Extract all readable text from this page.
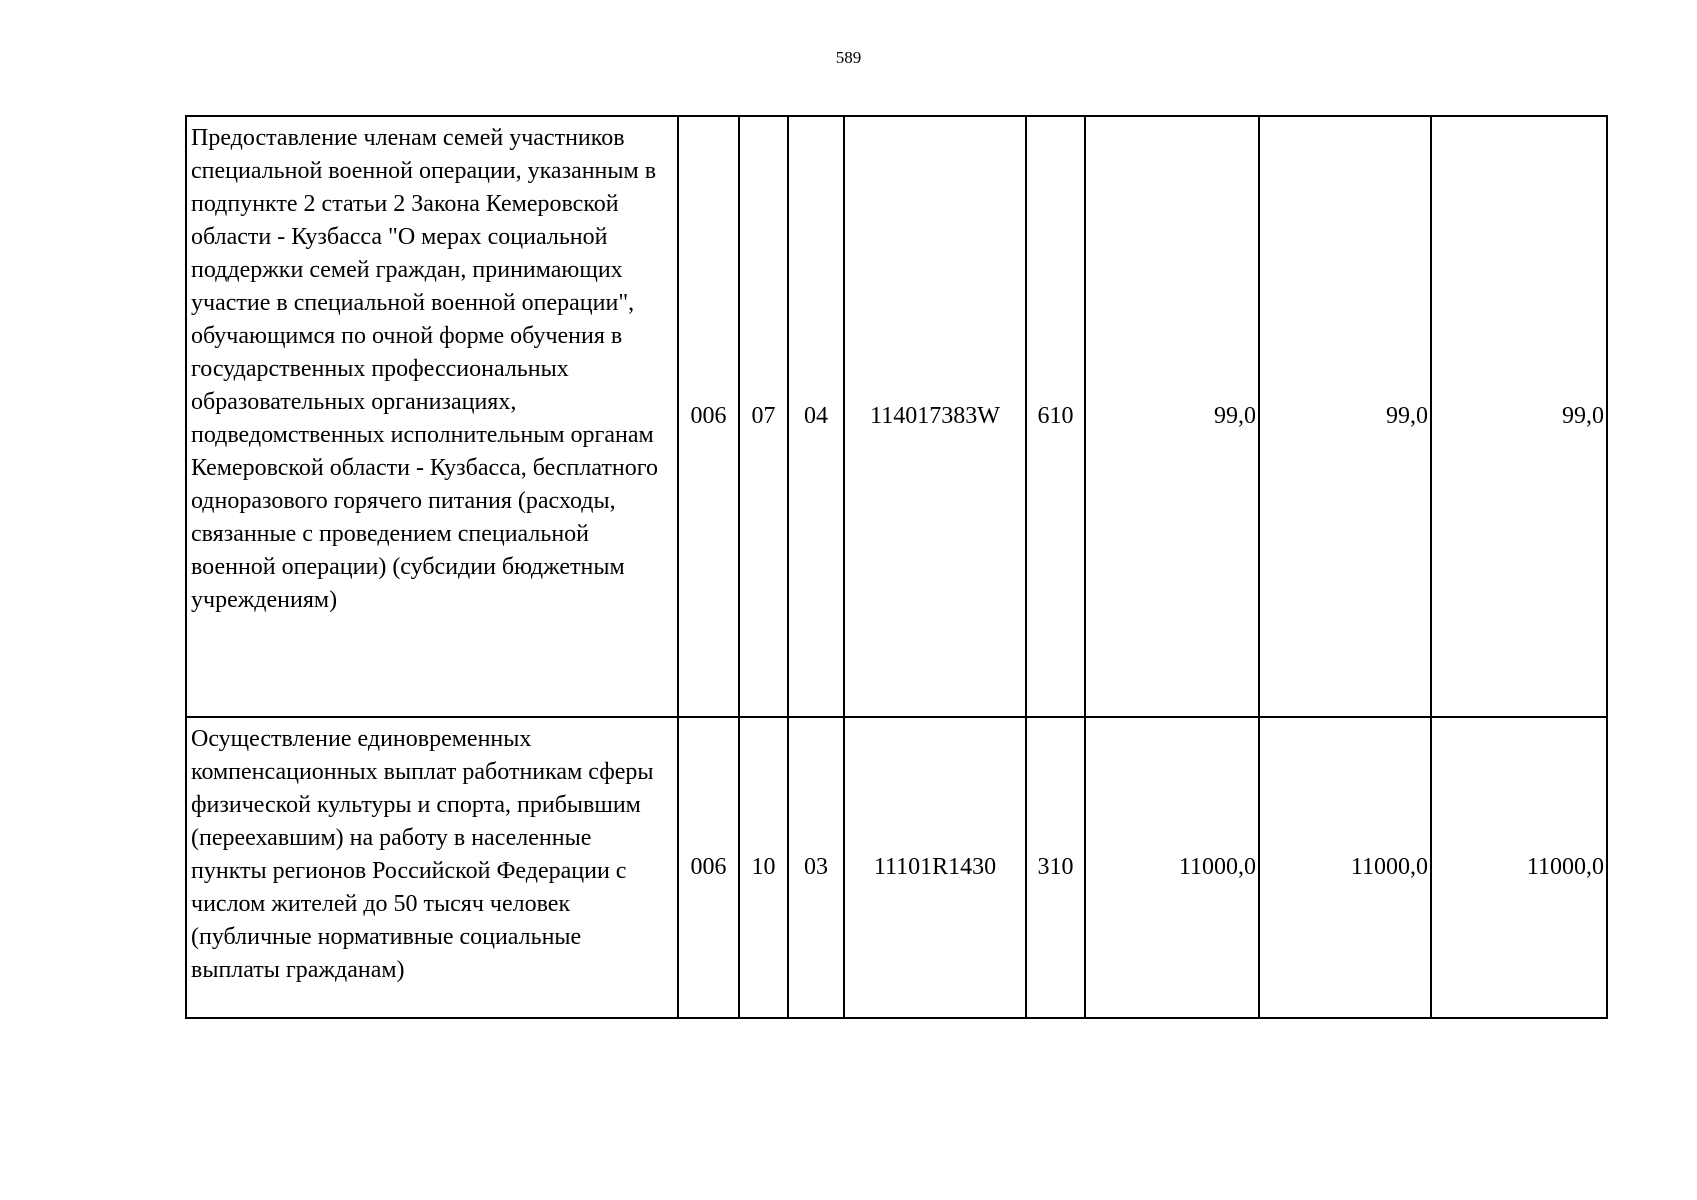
589
Предоставление членам семей участников специальной военной операции, указанным в подпункте 2 статьи 2 Закона Кемеровской области - Кузбасса "О мерах социальной поддержки семей граждан, принимающих участие в специальной военной операции", обучающимся по очной форме обучения в государственных профессиональных образовательных организациях, подведомственных исполнительным органам Кемеровской области - Кузбасса, бесплатного одноразового горячего питания (расходы, связанные с проведением специальной военной операции) (субсидии бюджетным учреждениям)	006	07	04	114017383W	610	99,0	99,0	99,0
Осуществление единовременных компенсационных выплат работникам сферы физической культуры и спорта, прибывшим (переехавшим) на работу в населенные пункты регионов Российской Федерации с числом жителей до 50 тысяч человек (публичные нормативные социальные выплаты гражданам)	006	10	03	11101R1430	310	11000,0	11000,0	11000,0
